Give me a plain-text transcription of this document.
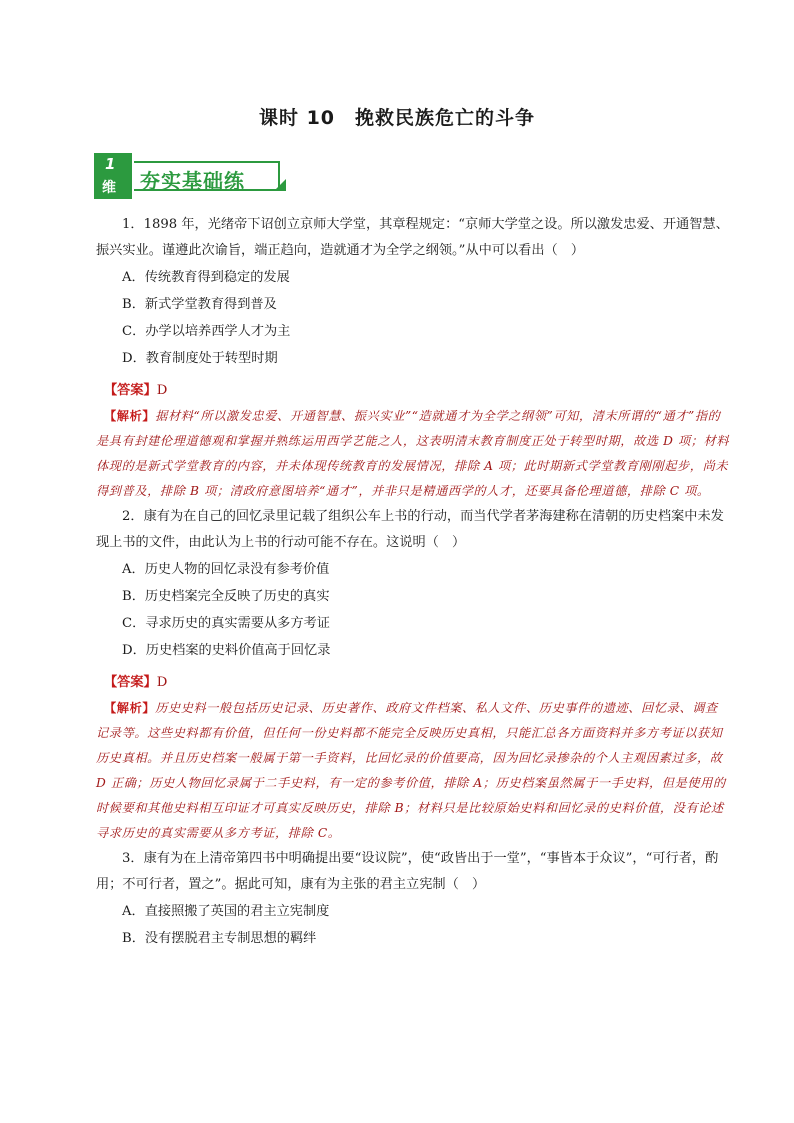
课时 10　挽救民族危亡的斗争
1
维 夯实基础练

1．1898 年，光绪帝下诏创立京师大学堂，其章程规定：“京师大学堂之设。所以激发忠爱、开通智慧、振兴实业。谨遵此次谕旨，端正趋向，造就通才为全学之纲领。”从中可以看出（　）

A．传统教育得到稳定的发展

B．新式学堂教育得到普及

C．办学以培养西学人才为主

D．教育制度处于转型时期

【答案】D

【解析】据材料“所以激发忠爱、开通智慧、振兴实业”“造就通才为全学之纲领”可知，清末所谓的“通才”指的是具有封建伦理道德观和掌握并熟练运用西学艺能之人，这表明清末教育制度正处于转型时期，故选 D 项；材料体现的是新式学堂教育的内容，并未体现传统教育的发展情况，排除 A 项；此时期新式学堂教育刚刚起步，尚未得到普及，排除 B 项；清政府意图培养“通才”，并非只是精通西学的人才，还要具备伦理道德，排除 C 项。

2．康有为在自己的回忆录里记载了组织公车上书的行动，而当代学者茅海建称在清朝的历史档案中未发现上书的文件，由此认为上书的行动可能不存在。这说明（　）

A．历史人物的回忆录没有参考价值

B．历史档案完全反映了历史的真实

C．寻求历史的真实需要从多方考证

D．历史档案的史料价值高于回忆录

【答案】D

【解析】历史史料一般包括历史记录、历史著作、政府文件档案、私人文件、历史事件的遗迹、回忆录、调查记录等。这些史料都有价值，但任何一份史料都不能完全反映历史真相，只能汇总各方面资料并多方考证以获知历史真相。并且历史档案一般属于第一手资料，比回忆录的价值要高，因为回忆录掺杂的个人主观因素过多，故 D 正确；历史人物回忆录属于二手史料，有一定的参考价值，排除 A；历史档案虽然属于一手史料，但是使用的时候要和其他史料相互印证才可真实反映历史，排除 B；材料只是比较原始史料和回忆录的史料价值，没有论述寻求历史的真实需要从多方考证，排除 C。

3．康有为在上清帝第四书中明确提出要“设议院”，使“政皆出于一堂”，“事皆本于众议”，“可行者，酌用；不可行者，置之”。据此可知，康有为主张的君主立宪制（　）

A．直接照搬了英国的君主立宪制度

B．没有摆脱君主专制思想的羁绊
